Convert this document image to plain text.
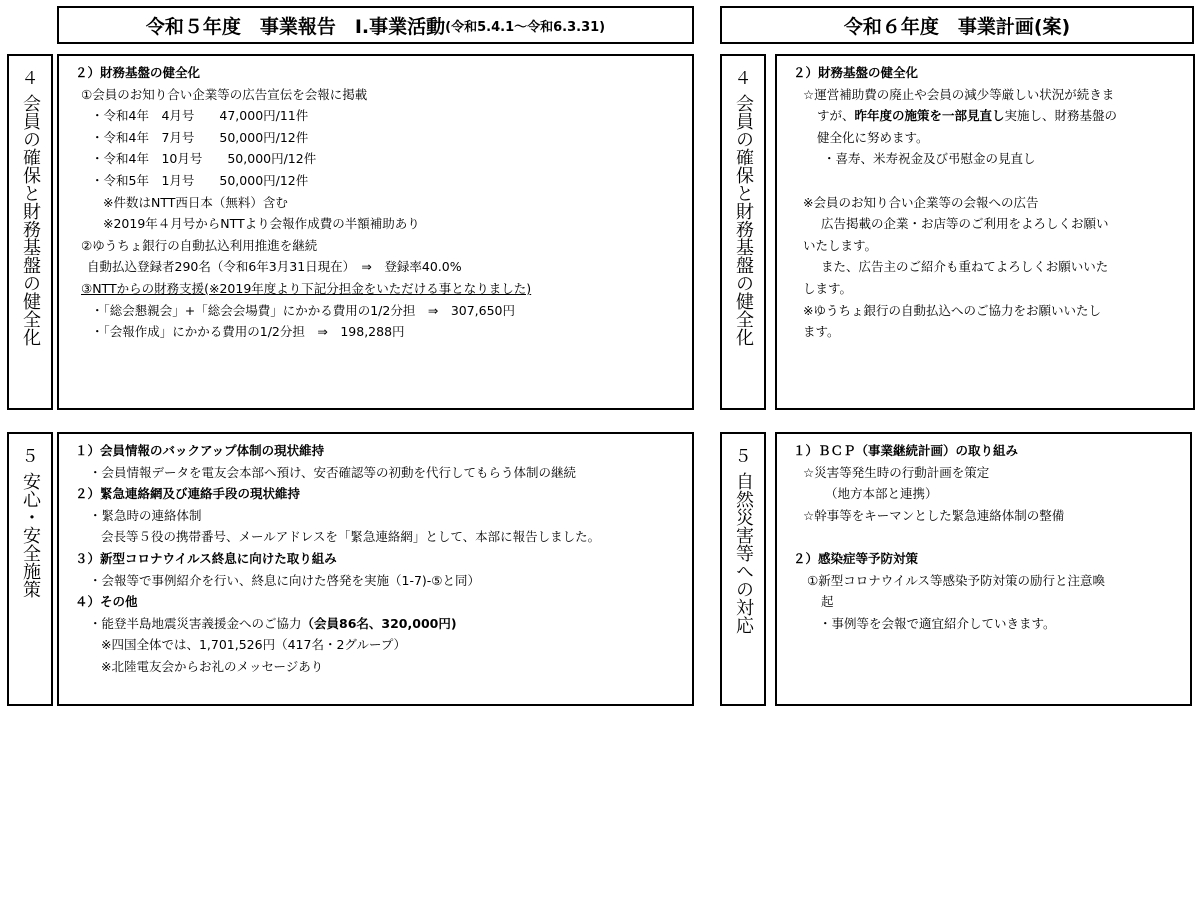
令和５年度　事業報告　Ⅰ.事業活動 (令和5.4.1～令和6.3.31)	令和６年度　事業計画(案)
４
会員の確保と財務基盤の健全化
２）財務基盤の健全化
①会員のお知り合い企業等の広告宣伝を会報に掲載
・令和4年　4月号　　47,000円/11件
・令和4年　7月号　　50,000円/12件
・令和4年　10月号　　50,000円/12件
・令和5年　1月号　　50,000円/12件
※件数はNTT西日本（無料）含む
※2019年４月号からNTTより会報作成費の半額補助あり
②ゆうちょ銀行の自動払込利用推進を継続
自動払込登録者290名（令和6年3月31日現在）　⇒　登録率40.0%
③NTTからの財務支援(※2019年度より下記分担金をいただける事となりました)
・「総会懇親会」+「総会会場費」にかかる費用の1/2分担　⇒　307,650円
・「会報作成」にかかる費用の1/2分担　⇒　198,288円
４
会員の確保と財務基盤の健全化
２）財務基盤の健全化
☆運営補助費の廃止や会員の減少等厳しい状況が続きま
すが、昨年度の施策を一部見直し実施し、財務基盤の
健全化に努めます。
・喜寿、米寿祝金及び弔慰金の見直し

※会員のお知り合い企業等の会報への広告
広告掲載の企業・お店等のご利用をよろしくお願い
いたします。
また、広告主のご紹介も重ねてよろしくお願いいた
します。
※ゆうちょ銀行の自動払込へのご協力をお願いいたし
ます。
５
安心・安全施策
１）会員情報のバックアップ体制の現状維持
・会員情報データを電友会本部へ預け、安否確認等の初動を代行してもらう体制の継続
２）緊急連絡網及び連絡手段の現状維持
・緊急時の連絡体制
会長等５役の携帯番号、メールアドレスを「緊急連絡網」として、本部に報告しました。
３）新型コロナウイルス終息に向けた取り組み
・会報等で事例紹介を行い、終息に向けた啓発を実施（1-7)-⑤と同）
４）その他
・能登半島地震災害義援金へのご協力（会員86名、320,000円)
※四国全体では、1,701,526円（417名・2グループ）
※北陸電友会からお礼のメッセージあり
５
自然災害等への対応
１）ＢＣＰ（事業継続計画）の取り組み
☆災害等発生時の行動計画を策定
（地方本部と連携）
☆幹事等をキーマンとした緊急連絡体制の整備

２）感染症等予防対策
①新型コロナウイルス等感染予防対策の励行と注意喚
起
・事例等を会報で適宜紹介していきます。
